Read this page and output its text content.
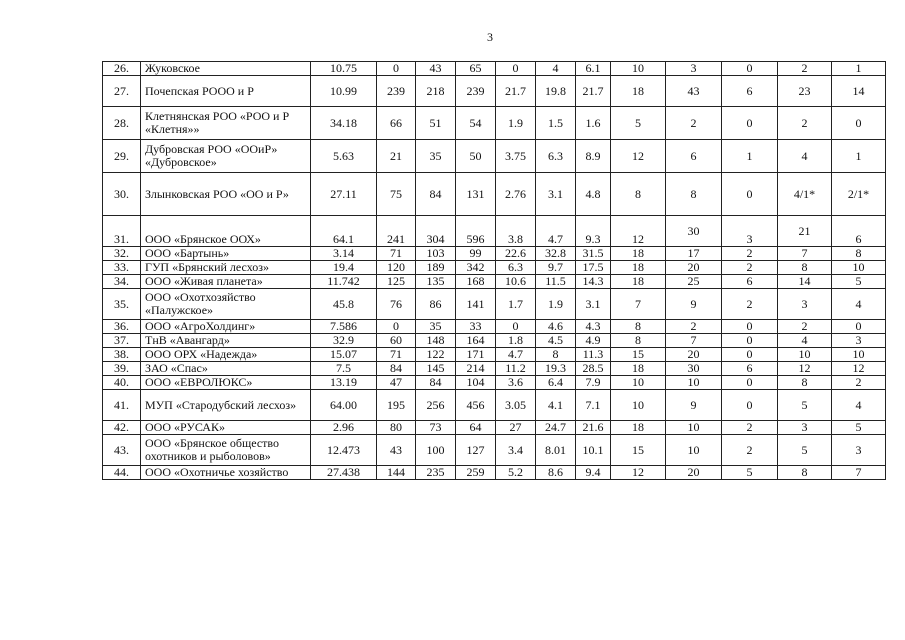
3
26.	Жуковское	10.75	0	43	65	0	4	6.1	10	3	0	2	1
27.	Почепская РООО и Р	10.99	239	218	239	21.7	19.8	21.7	18	43	6	23	14
28.	Клетнянская РОО «РОО и Р «Клетня»»	34.18	66	51	54	1.9	1.5	1.6	5	2	0	2	0
29.	Дубровская РОО «ООиР» «Дубровское»	5.63	21	35	50	3.75	6.3	8.9	12	6	1	4	1
30.	Злынковская РОО «ОО и Р»	27.11	75	84	131	2.76	3.1	4.8	8	8	0	4/1*	2/1*
31.	ООО «Брянское ООХ»	64.1	241	304	596	3.8	4.7	9.3	12	30	3	21	6
32.	ООО «Бартынь»	3.14	71	103	99	22.6	32.8	31.5	18	17	2	7	8
33.	ГУП «Брянский лесхоз»	19.4	120	189	342	6.3	9.7	17.5	18	20	2	8	10
34.	ООО «Живая планета»	11.742	125	135	168	10.6	11.5	14.3	18	25	6	14	5
35.	ООО «Охотхозяйство «Палужское»	45.8	76	86	141	1.7	1.9	3.1	7	9	2	3	4
36.	ООО «АгроХолдинг»	7.586	0	35	33	0	4.6	4.3	8	2	0	2	0
37.	ТнВ «Авангард»	32.9	60	148	164	1.8	4.5	4.9	8	7	0	4	3
38.	ООО ОРХ «Надежда»	15.07	71	122	171	4.7	8	11.3	15	20	0	10	10
39.	ЗАО «Спас»	7.5	84	145	214	11.2	19.3	28.5	18	30	6	12	12
40.	ООО «ЕВРОЛЮКС»	13.19	47	84	104	3.6	6.4	7.9	10	10	0	8	2
41.	МУП «Стародубский лесхоз»	64.00	195	256	456	3.05	4.1	7.1	10	9	0	5	4
42.	ООО «РУСАК»	2.96	80	73	64	27	24.7	21.6	18	10	2	3	5
43.	ООО «Брянское общество охотников и рыболовов»	12.473	43	100	127	3.4	8.01	10.1	15	10	2	5	3
44.	ООО «Охотничье хозяйство	27.438	144	235	259	5.2	8.6	9.4	12	20	5	8	7
